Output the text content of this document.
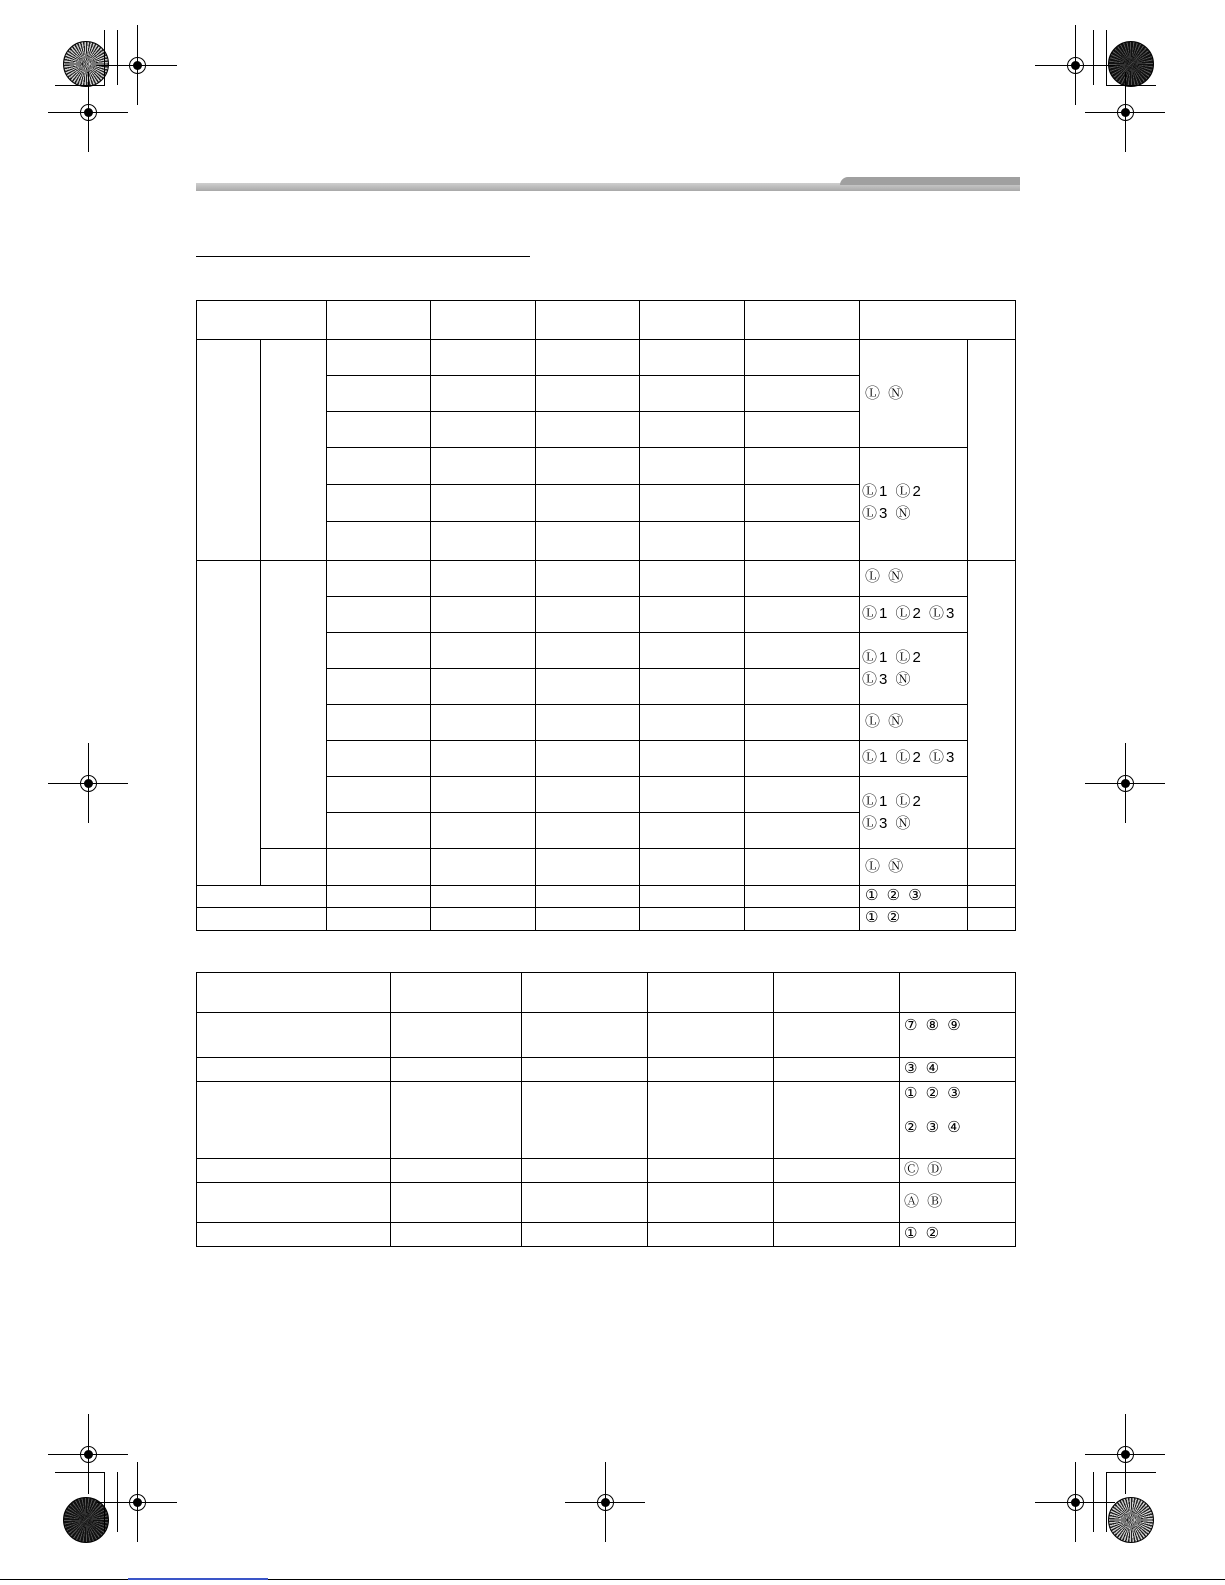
Ⓛ Ⓝ
Ⓛ1 Ⓛ2
Ⓛ3 Ⓝ
Ⓛ Ⓝ
Ⓛ1 Ⓛ2 Ⓛ3
Ⓛ1 Ⓛ2
Ⓛ3 Ⓝ
Ⓛ Ⓝ
Ⓛ1 Ⓛ2 Ⓛ3
Ⓛ1 Ⓛ2
Ⓛ3 Ⓝ
Ⓛ Ⓝ
① ② ③
① ②
⑦ ⑧ ⑨
③ ④
① ② ③
② ③ ④
Ⓒ Ⓓ
Ⓐ Ⓑ
① ②
